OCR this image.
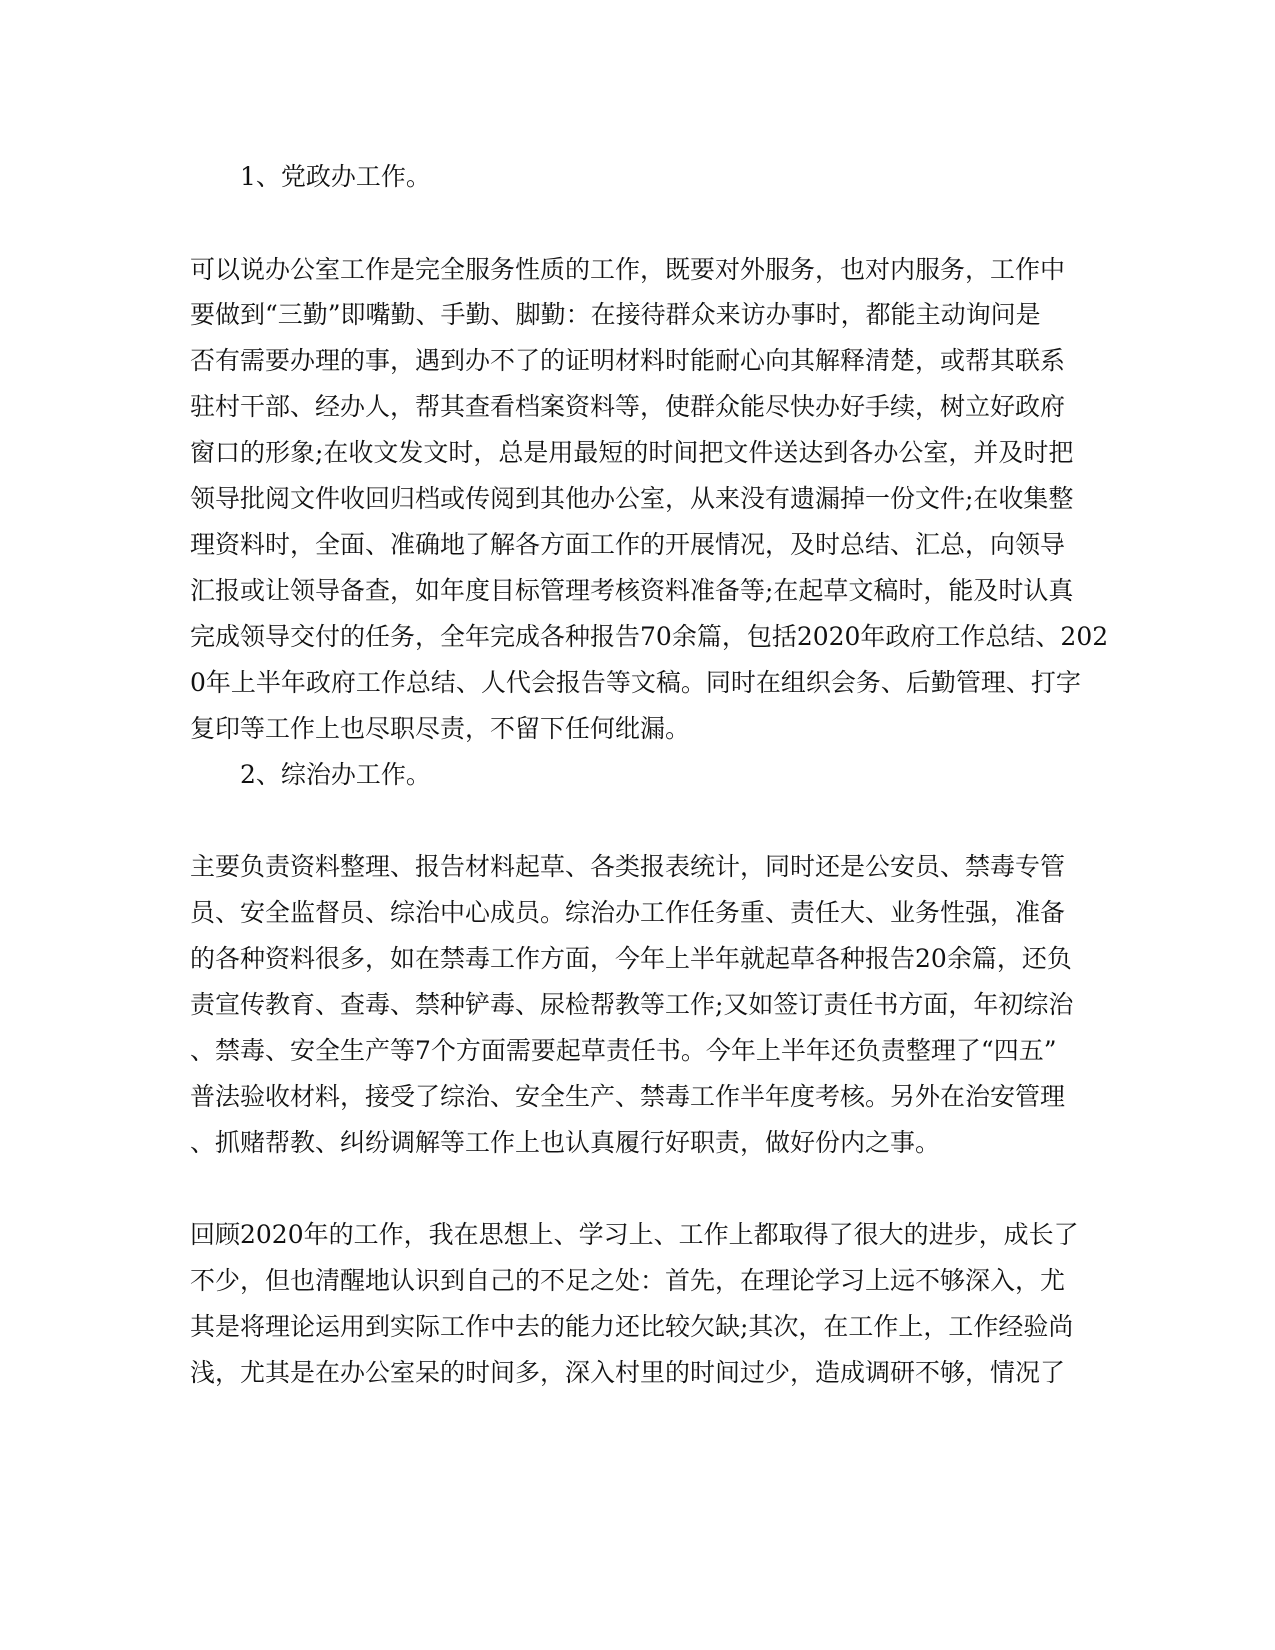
1、党政办工作。
可以说办公室工作是完全服务性质的工作，既要对外服务，也对内服务，工作中
要做到“三勤”即嘴勤、手勤、脚勤：在接待群众来访办事时，都能主动询问是
否有需要办理的事，遇到办不了的证明材料时能耐心向其解释清楚，或帮其联系
驻村干部、经办人，帮其查看档案资料等，使群众能尽快办好手续，树立好政府
窗口的形象;在收文发文时，总是用最短的时间把文件送达到各办公室，并及时把
领导批阅文件收回归档或传阅到其他办公室，从来没有遗漏掉一份文件;在收集整
理资料时，全面、准确地了解各方面工作的开展情况，及时总结、汇总，向领导
汇报或让领导备查，如年度目标管理考核资料准备等;在起草文稿时，能及时认真
完成领导交付的任务，全年完成各种报告70余篇，包括2020年政府工作总结、202
0年上半年政府工作总结、人代会报告等文稿。同时在组织会务、后勤管理、打字
复印等工作上也尽职尽责，不留下任何纰漏。
2、综治办工作。
主要负责资料整理、报告材料起草、各类报表统计，同时还是公安员、禁毒专管
员、安全监督员、综治中心成员。综治办工作任务重、责任大、业务性强，准备
的各种资料很多，如在禁毒工作方面，今年上半年就起草各种报告20余篇，还负
责宣传教育、查毒、禁种铲毒、尿检帮教等工作;又如签订责任书方面，年初综治
、禁毒、安全生产等7个方面需要起草责任书。今年上半年还负责整理了“四五”
普法验收材料，接受了综治、安全生产、禁毒工作半年度考核。另外在治安管理
、抓赌帮教、纠纷调解等工作上也认真履行好职责，做好份内之事。
回顾2020年的工作，我在思想上、学习上、工作上都取得了很大的进步，成长了
不少，但也清醒地认识到自己的不足之处：首先，在理论学习上远不够深入，尤
其是将理论运用到实际工作中去的能力还比较欠缺;其次，在工作上，工作经验尚
浅，尤其是在办公室呆的时间多，深入村里的时间过少，造成调研不够，情况了
